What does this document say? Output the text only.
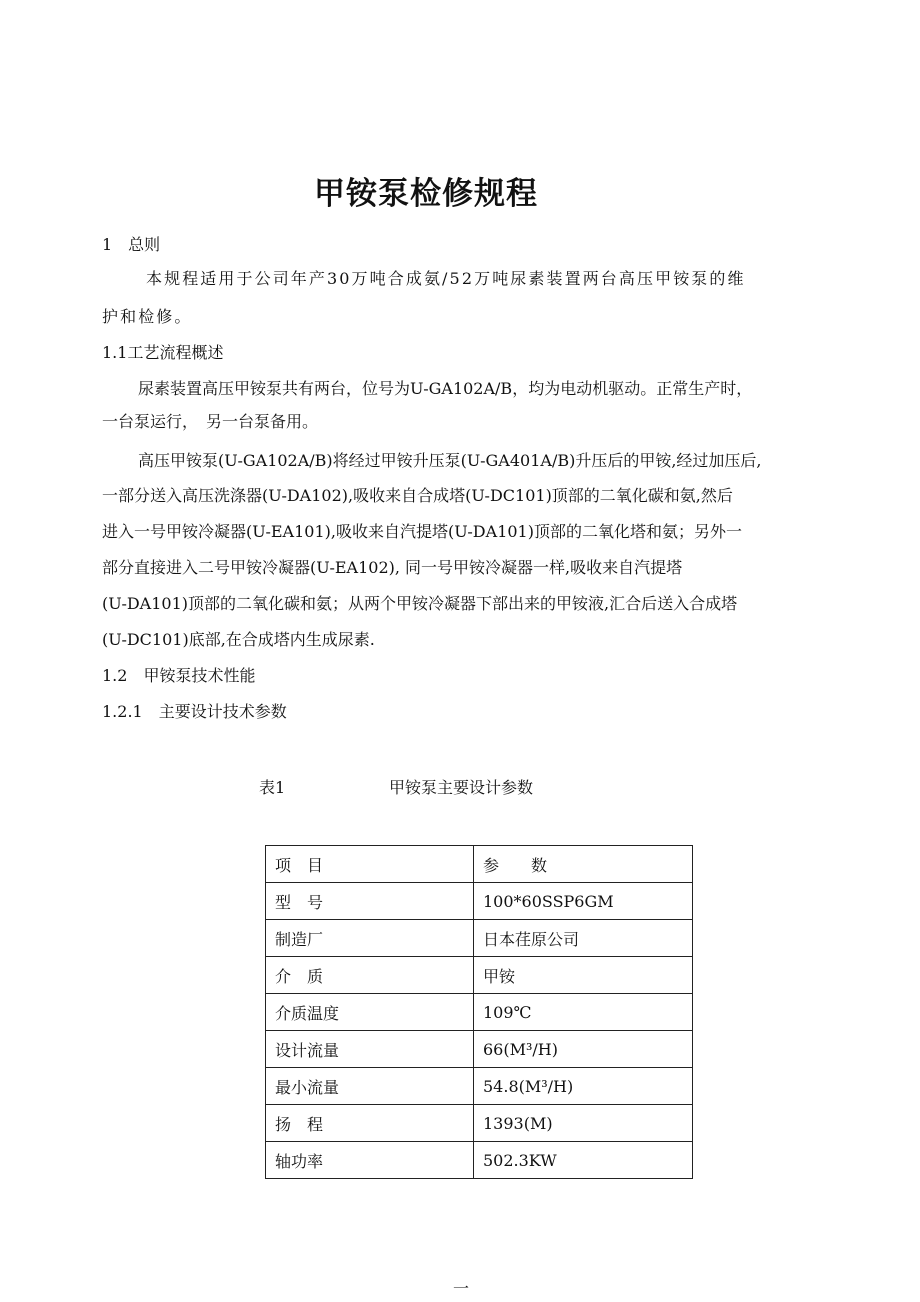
甲铵泵检修规程
1　总则
本规程适用于公司年产30万吨合成氨/52万吨尿素装置两台高压甲铵泵的维
护和检修。
1.1工艺流程概述
尿素装置高压甲铵泵共有两台，位号为U-GA102A/B，均为电动机驱动。正常生产时，
一台泵运行，　另一台泵备用。
高压甲铵泵(U-GA102A/B)将经过甲铵升压泵(U-GA401A/B)升压后的甲铵,经过加压后,
一部分送入高压洗涤器(U-DA102),吸收来自合成塔(U-DC101)顶部的二氧化碳和氨,然后
进入一号甲铵冷凝器(U-EA101),吸收来自汽提塔(U-DA101)顶部的二氧化塔和氨；另外一
部分直接进入二号甲铵冷凝器(U-EA102), 同一号甲铵冷凝器一样,吸收来自汽提塔
(U-DA101)顶部的二氧化碳和氨；从两个甲铵冷凝器下部出来的甲铵液,汇合后送入合成塔
(U-DC101)底部,在合成塔内生成尿素.
1.2　甲铵泵技术性能
1.2.1　主要设计技术参数
表1	甲铵泵主要设计参数
项　目	参　　数
型　号	100*60SSP6GM
制造厂	日本荏原公司
介　质	甲铵
介质温度	109℃
设计流量	66(M³/H)
最小流量	54.8(M³/H)
扬　程	1393(M)
轴功率	502.3KW
一
